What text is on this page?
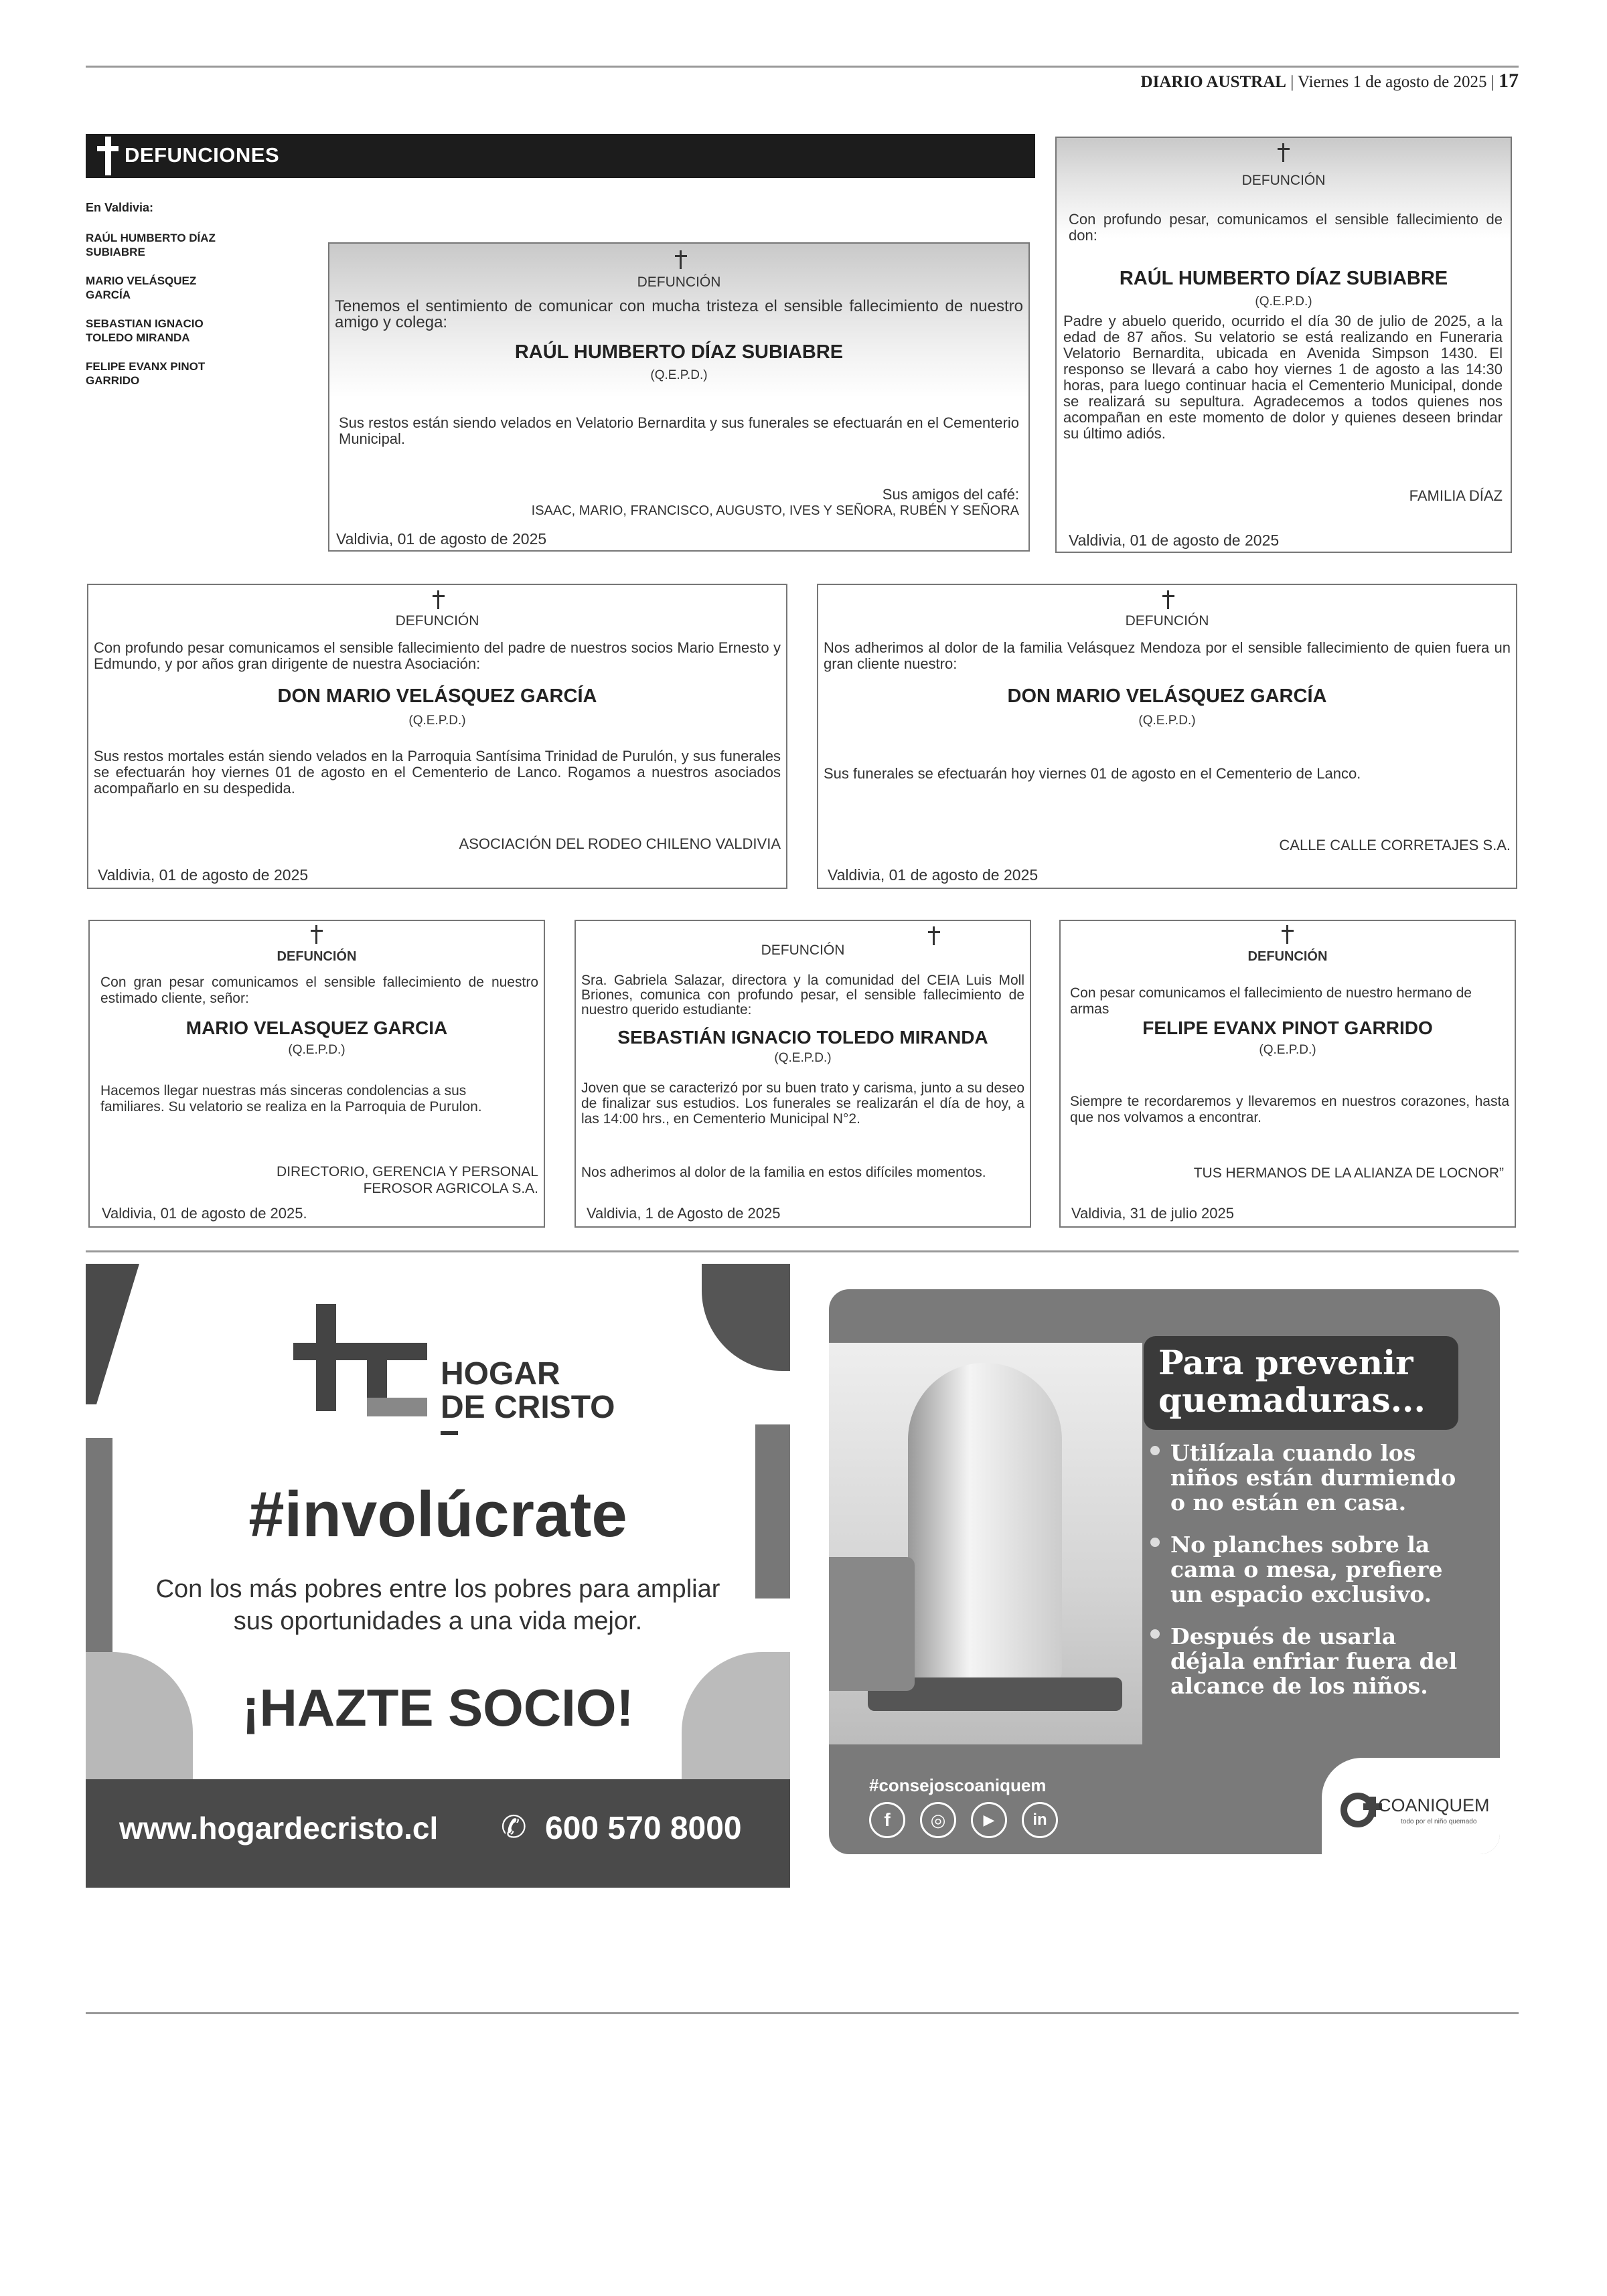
DIARIO AUSTRAL | Viernes 1 de agosto de 2025 | 17
DEFUNCIONES
En Valdivia:
RAÚL HUMBERTO DÍAZ SUBIABRE
MARIO VELÁSQUEZ GARCÍA
SEBASTIAN IGNACIO TOLEDO MIRANDA
FELIPE EVANX PINOT GARRIDO
DEFUNCIÓN
Tenemos el sentimiento de comunicar con mucha tristeza el sensible fallecimiento de nuestro amigo y colega:
RAÚL HUMBERTO DÍAZ SUBIABRE
(Q.E.P.D.)
Sus restos están siendo velados en Velatorio Bernardita y sus funerales se efectuarán en el Cementerio Municipal.
Sus amigos del café:
ISAAC, MARIO, FRANCISCO, AUGUSTO, IVES Y SEÑORA, RUBÉN Y SEÑORA
Valdivia, 01 de agosto de 2025
DEFUNCIÓN
Con profundo pesar, comunicamos el sensible fallecimiento de don:
RAÚL HUMBERTO DÍAZ SUBIABRE
(Q.E.P.D.)
Padre y abuelo querido, ocurrido el día 30 de julio de 2025, a la edad de 87 años. Su velatorio se está realizando en Funeraria Velatorio Bernardita, ubicada en Avenida Simpson 1430. El responso se llevará a cabo hoy viernes 1 de agosto a las 14:30 horas, para luego continuar hacia el Cementerio Municipal, donde se realizará su sepultura. Agradecemos a todos quienes nos acompañan en este momento de dolor y quienes deseen brindar su último adiós.
FAMILIA DÍAZ
Valdivia, 01 de agosto de 2025
DEFUNCIÓN
Con profundo pesar comunicamos el sensible fallecimiento del padre de nuestros socios Mario Ernesto y Edmundo, y por años gran dirigente de nuestra Asociación:
DON MARIO VELÁSQUEZ GARCÍA
(Q.E.P.D.)
Sus restos mortales están siendo velados en la Parroquia Santísima Trinidad de Purulón, y sus funerales se efectuarán hoy viernes 01 de agosto en el Cementerio de Lanco. Rogamos a nuestros asociados acompañarlo en su despedida.
ASOCIACIÓN DEL RODEO CHILENO VALDIVIA
Valdivia, 01 de agosto de 2025
DEFUNCIÓN
Nos adherimos al dolor de la familia Velásquez Mendoza por el sensible fallecimiento de quien fuera un gran cliente nuestro:
DON MARIO VELÁSQUEZ GARCÍA
(Q.E.P.D.)
Sus funerales se efectuarán hoy viernes 01 de agosto en el Cementerio de Lanco.
CALLE CALLE CORRETAJES S.A.
Valdivia, 01 de agosto de 2025
DEFUNCIÓN
Con gran pesar comunicamos el sensible fallecimiento de nuestro estimado cliente, señor:
MARIO VELASQUEZ GARCIA
(Q.E.P.D.)
Hacemos llegar nuestras más sinceras condolencias a sus familiares. Su velatorio se realiza en la Parroquia de Purulon.
DIRECTORIO, GERENCIA Y PERSONAL
FEROSOR AGRICOLA S.A.
Valdivia, 01 de agosto de 2025.
DEFUNCIÓN
Sra. Gabriela Salazar, directora y la comunidad del CEIA Luis Moll Briones, comunica con profundo pesar, el sensible fallecimiento de nuestro querido estudiante:
SEBASTIÁN IGNACIO TOLEDO MIRANDA
(Q.E.P.D.)
Joven que se caracterizó por su buen trato y carisma, junto a su deseo de finalizar sus estudios. Los funerales se realizarán el día de hoy, a las 14:00 hrs., en Cementerio Municipal N°2.
Nos adherimos al dolor de la familia en estos difíciles momentos.
Valdivia, 1 de Agosto de 2025
DEFUNCIÓN
Con pesar comunicamos el fallecimiento de nuestro hermano de armas
FELIPE EVANX PINOT GARRIDO
(Q.E.P.D.)
Siempre te recordaremos y llevaremos en nuestros corazones, hasta que nos volvamos a encontrar.
TUS HERMANOS DE LA ALIANZA DE LOCNOR”
Valdivia, 31 de julio 2025
HOGAR
DE CRISTO
#involúcrate
Con los más pobres entre los pobres para ampliar
sus oportunidades a una vida mejor.
¡HAZTE SOCIO!
www.hogardecristo.cl ✆ 600 570 8000
Para prevenir
quemaduras...
Utilízala cuando los niños están durmiendo o no están en casa.
No planches sobre la cama o mesa, prefiere un espacio exclusivo.
Después de usarla déjala enfriar fuera del alcance de los niños.
#consejoscoaniquem
f	◎	▶	in
COANIQUEM
todo por el niño quemado
